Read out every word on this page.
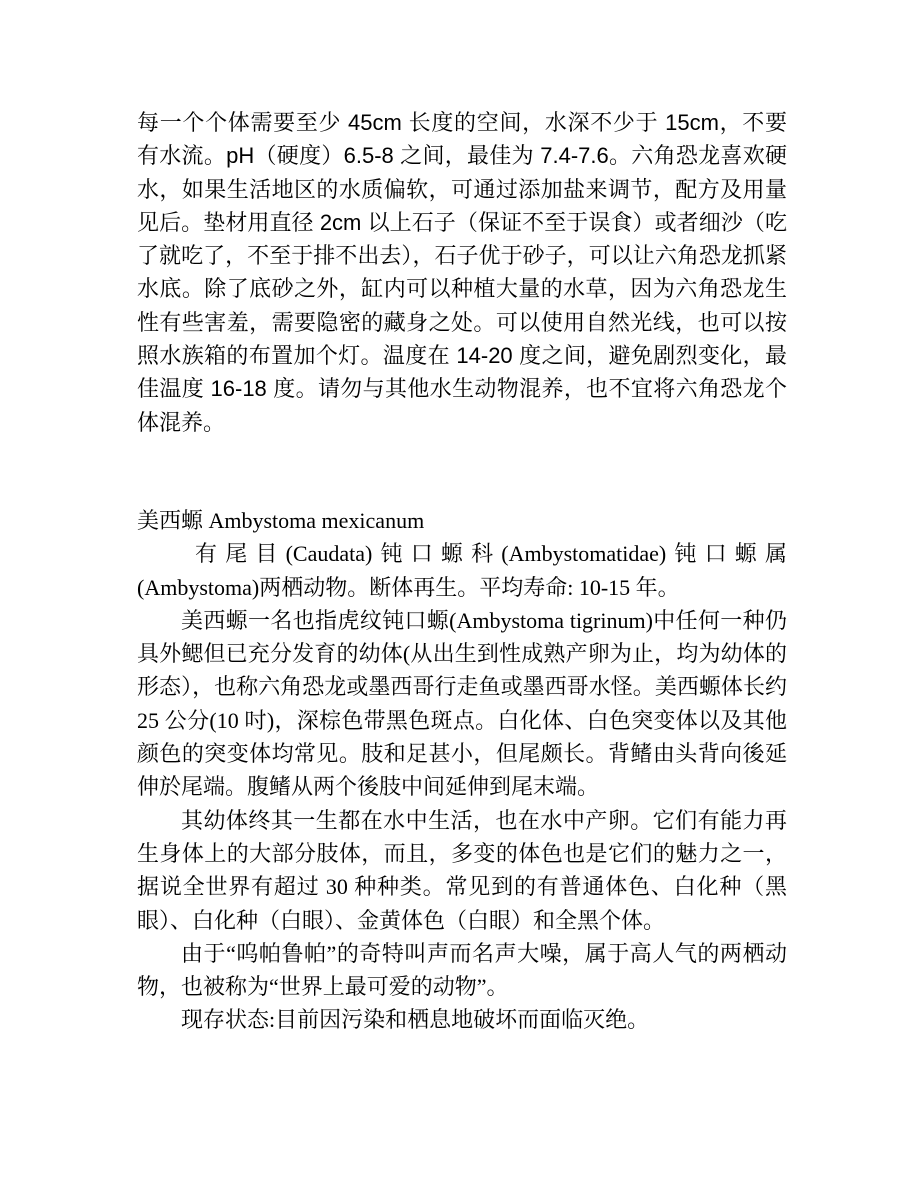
每一个个体需要至少 45cm 长度的空间，水深不少于 15cm，不要有水流。pH（硬度）6.5-8 之间，最佳为 7.4-7.6。六角恐龙喜欢硬水，如果生活地区的水质偏软，可通过添加盐来调节，配方及用量见后。垫材用直径 2cm 以上石子（保证不至于误食）或者细沙（吃了就吃了，不至于排不出去），石子优于砂子，可以让六角恐龙抓紧水底。除了底砂之外，缸内可以种植大量的水草，因为六角恐龙生性有些害羞，需要隐密的藏身之处。可以使用自然光线，也可以按照水族箱的布置加个灯。温度在 14-20 度之间，避免剧烈变化，最佳温度 16-18 度。请勿与其他水生动物混养，也不宜将六角恐龙个体混养。

美西螈 Ambystoma mexicanum

有尾目(Caudata)钝口螈科(Ambystomatidae)钝口螈属(Ambystoma)两栖动物。断体再生。平均寿命: 10-15 年。

美西螈一名也指虎纹钝口螈(Ambystoma tigrinum)中任何一种仍具外鳃但已充分发育的幼体(从出生到性成熟产卵为止，均为幼体的形态），也称六角恐龙或墨西哥行走鱼或墨西哥水怪。美西螈体长约 25 公分(10 吋)，深棕色带黑色斑点。白化体、白色突变体以及其他颜色的突变体均常见。肢和足甚小，但尾颇长。背鳍由头背向後延伸於尾端。腹鳍从两个後肢中间延伸到尾末端。

其幼体终其一生都在水中生活，也在水中产卵。它们有能力再生身体上的大部分肢体，而且，多变的体色也是它们的魅力之一，据说全世界有超过 30 种种类。常见到的有普通体色、白化种（黑眼）、白化种（白眼）、金黄体色（白眼）和全黑个体。

由于“呜帕鲁帕”的奇特叫声而名声大噪，属于高人气的两栖动物，也被称为“世界上最可爱的动物”。

现存状态:目前因污染和栖息地破坏而面临灭绝。
